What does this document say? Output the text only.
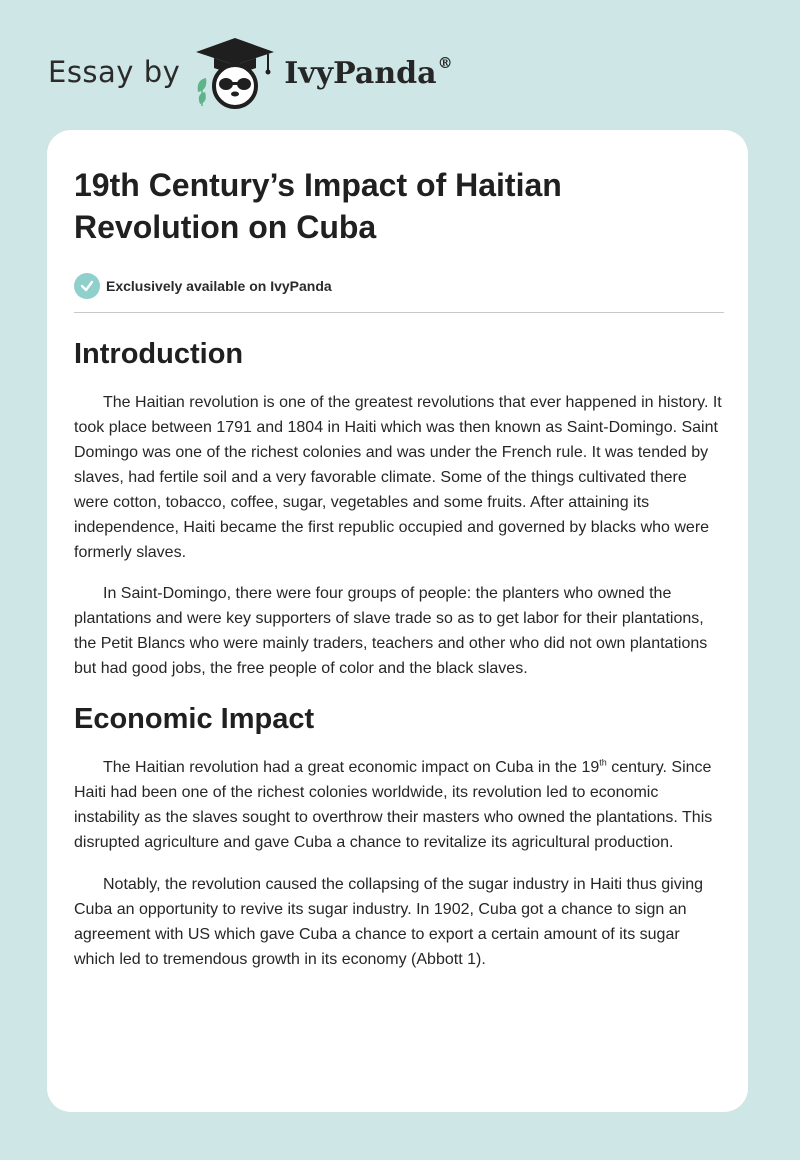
Essay by	IvyPanda®
19th Century’s Impact of Haitian Revolution on Cuba
Exclusively available on IvyPanda
Introduction

The Haitian revolution is one of the greatest revolutions that ever happened in history. It took place between 1791 and 1804 in Haiti which was then known as Saint-Domingo. Saint Domingo was one of the richest colonies and was under the French rule. It was tended by slaves, had fertile soil and a very favorable climate. Some of the things cultivated there were cotton, tobacco, coffee, sugar, vegetables and some fruits. After attaining its independence, Haiti became the first republic occupied and governed by blacks who were formerly slaves.

In Saint-Domingo, there were four groups of people: the planters who owned the plantations and were key supporters of slave trade so as to get labor for their plantations, the Petit Blancs who were mainly traders, teachers and other who did not own plantations but had good jobs, the free people of color and the black slaves.

Economic Impact

The Haitian revolution had a great economic impact on Cuba in the 19th century. Since Haiti had been one of the richest colonies worldwide, its revolution led to economic instability as the slaves sought to overthrow their masters who owned the plantations. This disrupted agriculture and gave Cuba a chance to revitalize its agricultural production.

Notably, the revolution caused the collapsing of the sugar industry in Haiti thus giving Cuba an opportunity to revive its sugar industry. In 1902, Cuba got a chance to sign an agreement with US which gave Cuba a chance to export a certain amount of its sugar which led to tremendous growth in its economy (Abbott 1).
